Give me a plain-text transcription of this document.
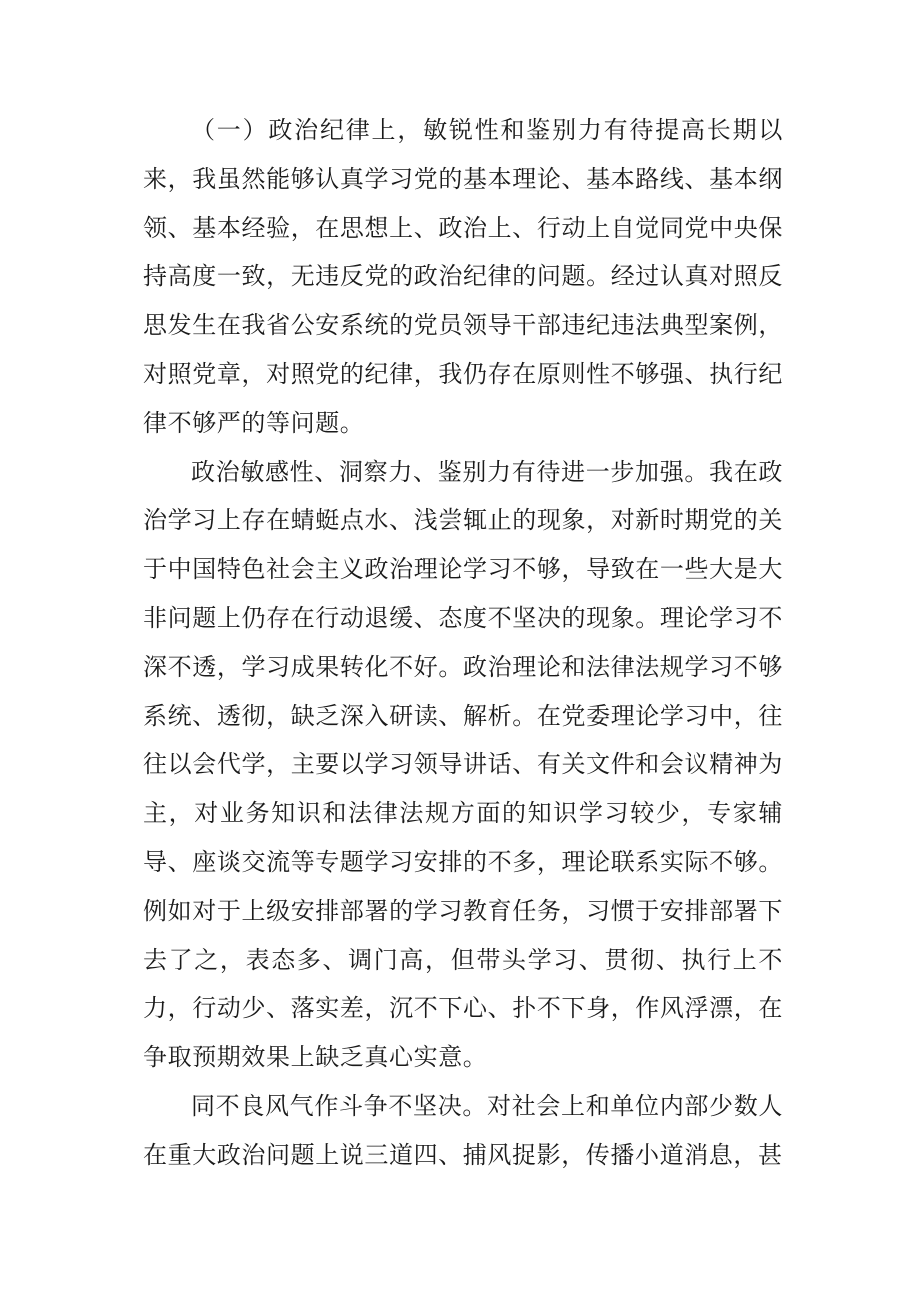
（一）政治纪律上，敏锐性和鉴别力有待提高长期以来，我虽然能够认真学习党的基本理论、基本路线、基本纲领、基本经验，在思想上、政治上、行动上自觉同党中央保持高度一致，无违反党的政治纪律的问题。经过认真对照反思发生在我省公安系统的党员领导干部违纪违法典型案例，对照党章，对照党的纪律，我仍存在原则性不够强、执行纪律不够严的等问题。

政治敏感性、洞察力、鉴别力有待进一步加强。我在政治学习上存在蜻蜓点水、浅尝辄止的现象，对新时期党的关于中国特色社会主义政治理论学习不够，导致在一些大是大非问题上仍存在行动退缓、态度不坚决的现象。理论学习不深不透，学习成果转化不好。政治理论和法律法规学习不够系统、透彻，缺乏深入研读、解析。在党委理论学习中，往往以会代学，主要以学习领导讲话、有关文件和会议精神为主，对业务知识和法律法规方面的知识学习较少，专家辅导、座谈交流等专题学习安排的不多，理论联系实际不够。例如对于上级安排部署的学习教育任务，习惯于安排部署下去了之，表态多、调门高，但带头学习、贯彻、执行上不力，行动少、落实差，沉不下心、扑不下身，作风浮漂，在争取预期效果上缺乏真心实意。

同不良风气作斗争不坚决。对社会上和单位内部少数人在重大政治问题上说三道四、捕风捉影，传播小道消息，甚
